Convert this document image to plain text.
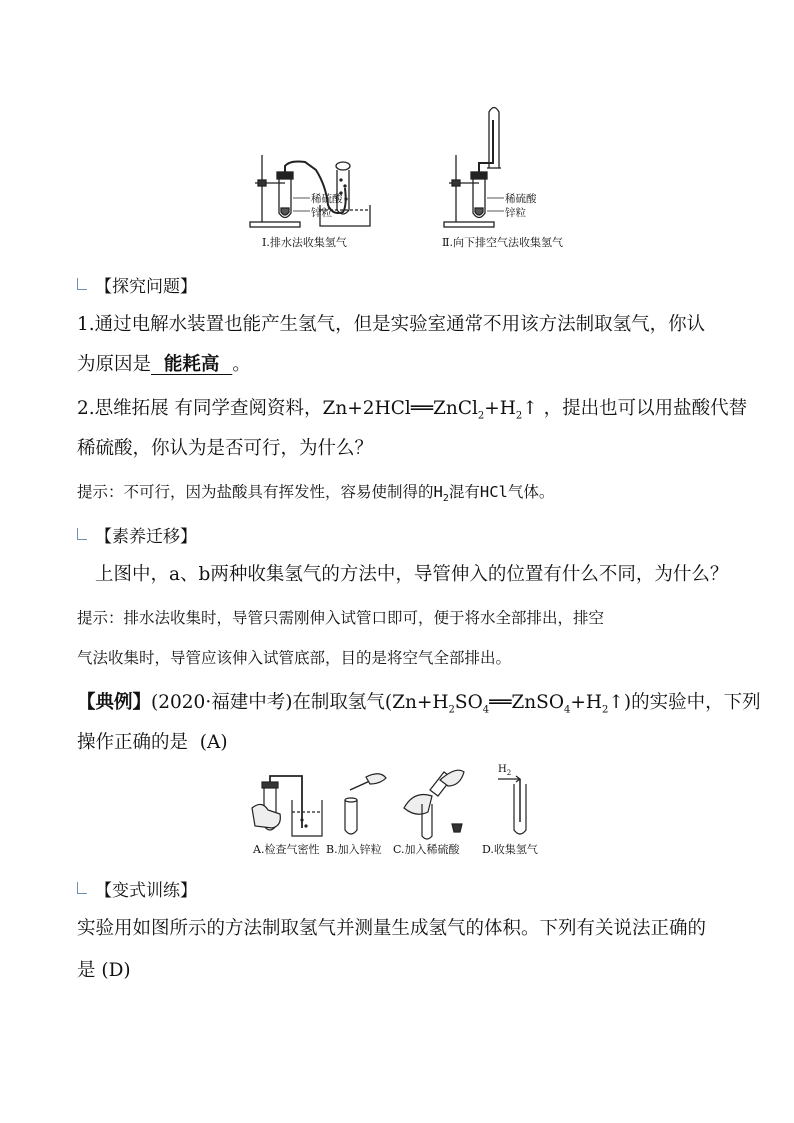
稀硫酸
锌粒
稀硫酸
锌粒
Ⅰ.排水法收集氢气	Ⅱ.向下排空气法收集氢气
【探究问题】
1.通过电解水装置也能产生氢气，但是实验室通常不用该方法制取氢气，你认
为原因是  能耗高  。
2.思维拓展 有同学查阅资料，$Zn+2HCl══ZnCl_2+H_2↑$ ，提出也可以用盐酸代替
稀硫酸，你认为是否可行，为什么？
提示：不可行，因为盐酸具有挥发性，容易使制得的$H_2$混有HCl气体。
【素养迁移】
上图中，a、b两种收集氢气的方法中，导管伸入的位置有什么不同，为什么？
提示：排水法收集时，导管只需刚伸入试管口即可，便于将水全部排出，排空
气法收集时，导管应该伸入试管底部，目的是将空气全部排出。
【典例】(2020·福建中考)在制取氢气$(Zn+H_2SO_4══ZnSO_4+H_2↑)$的实验中，下列
操作正确的是  (A)
$H_2$
A.检查气密性 B.加入锌粒 C.加入稀硫酸 D.收集氢气
【变式训练】
实验用如图所示的方法制取氢气并测量生成氢气的体积。下列有关说法正确的
是 (D)
